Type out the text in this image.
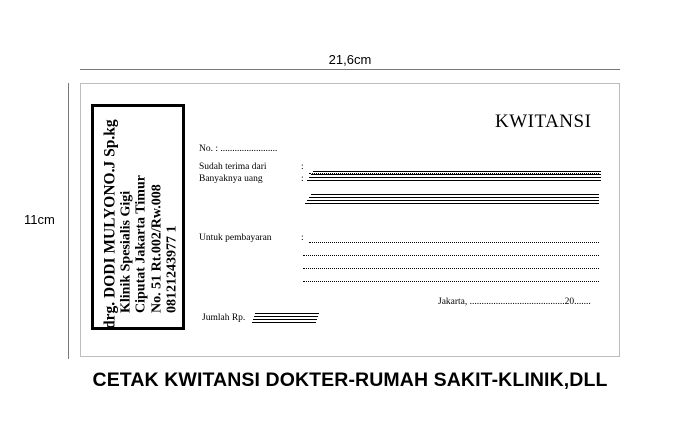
21,6cm
11cm	drg. DODI MULYONO.J Sp.kg Klinik Spesialis Gigi Ciputat Jakarta Timur No. 51 Rt.002/Rw.008 08121243977 1
KWITANSI
No. : ........................
Sudah terima dari	:
Banyaknya uang	:
Untuk pembayaran	:
Jakarta, ........................................20.......
Jumlah Rp.
CETAK KWITANSI DOKTER-RUMAH SAKIT-KLINIK,DLL
